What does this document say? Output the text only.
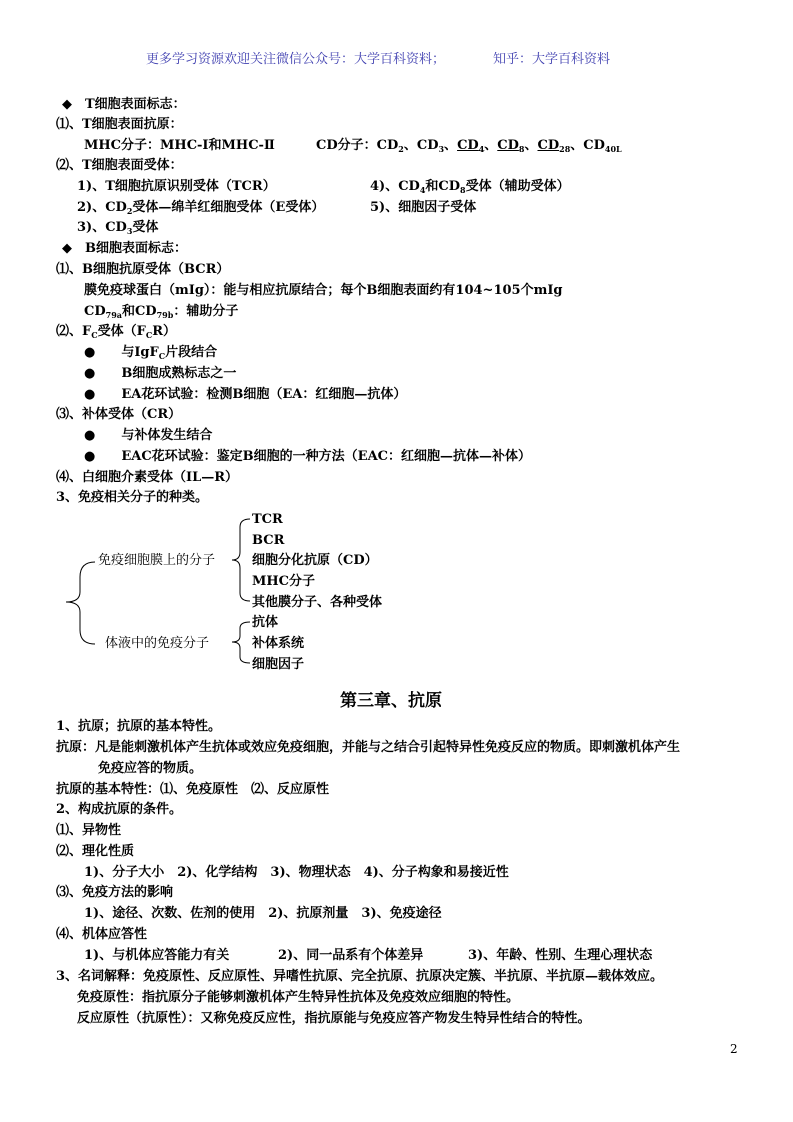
更多学习资源欢迎关注微信公众号：大学百科资料；	知乎：大学百科资料
◆　T细胞表面标志：
⑴、T细胞表面抗原：
MHC分子：MHC-Ⅰ和MHC-Ⅱ	CD分子：$CD_2$、$CD_3$、$CD_4$、$CD_8$、$CD_{28}$、$CD_{40L}$
⑵、T细胞表面受体：
1)、T细胞抗原识别受体（TCR）	4)、$CD_4$和$CD_8$受体（辅助受体）
2)、$CD_2$受体—绵羊红细胞受体（E受体）	5)、细胞因子受体
3)、$CD_3$受体
◆　B细胞表面标志：
⑴、B细胞抗原受体（BCR）
膜免疫球蛋白（mIg）：能与相应抗原结合；每个B细胞表面约有104~105个mIg
$CD_{79a}$和$CD_{79b}$：辅助分子
⑵、$F_C$受体$(F_CR)$
●　　与IgF$_C$片段结合
●　　B细胞成熟标志之一
●　　EA花环试验：检测B细胞（EA：红细胞—抗体）
⑶、补体受体（CR）
●　　与补体发生结合
●　　EAC花环试验：鉴定B细胞的一种方法（EAC：红细胞—抗体—补体）
⑷、白细胞介素受体（IL—R）
3、免疫相关分子的种类。
免疫细胞膜上的分子
TCR
BCR
细胞分化抗原（CD）
MHC分子
其他膜分子、各种受体
体液中的免疫分子
抗体
补体系统
细胞因子
第三章、抗原
1、抗原；抗原的基本特性。
抗原：凡是能刺激机体产生抗体或效应免疫细胞，并能与之结合引起特异性免疫反应的物质。即刺激机体产生
免疫应答的物质。
抗原的基本特性：⑴、免疫原性　⑵、反应原性
2、构成抗原的条件。
⑴、异物性
⑵、理化性质
1)、分子大小　2)、化学结构　3)、物理状态　4)、分子构象和易接近性
⑶、免疫方法的影响
1)、途径、次数、佐剂的使用　2)、抗原剂量　3)、免疫途径
⑷、机体应答性
1)、与机体应答能力有关	2)、同一品系有个体差异	3)、年龄、性别、生理心理状态
3、名词解释：免疫原性、反应原性、异嗜性抗原、完全抗原、抗原决定簇、半抗原、半抗原—载体效应。
免疫原性：指抗原分子能够刺激机体产生特异性抗体及免疫效应细胞的特性。
反应原性（抗原性）：又称免疫反应性，指抗原能与免疫应答产物发生特异性结合的特性。
2
